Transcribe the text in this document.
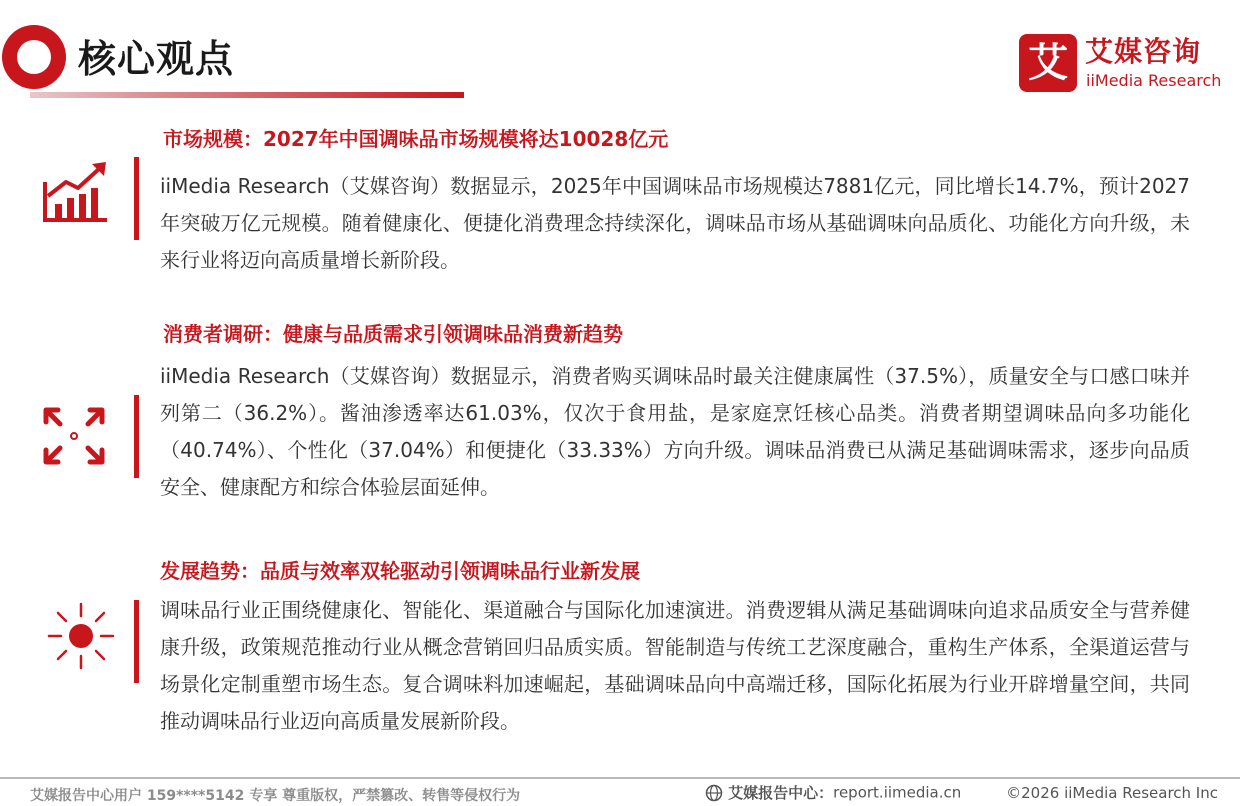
核心观点	艾 艾媒咨询
iiMedia Research
市场规模：2027年中国调味品市场规模将达10028亿元

iiMedia Research（艾媒咨询）数据显示，2025年中国调味品市场规模达7881亿元，同比增长14.7%，预计2027年突破万亿元规模。随着健康化、便捷化消费理念持续深化，调味品市场从基础调味向品质化、功能化方向升级，未来行业将迈向高质量增长新阶段。

消费者调研：健康与品质需求引领调味品消费新趋势

iiMedia Research（艾媒咨询）数据显示，消费者购买调味品时最关注健康属性（37.5%），质量安全与口感口味并列第二（36.2%）。酱油渗透率达61.03%，仅次于食用盐，是家庭烹饪核心品类。消费者期望调味品向多功能化（40.74%）、个性化（37.04%）和便捷化（33.33%）方向升级。调味品消费已从满足基础调味需求，逐步向品质安全、健康配方和综合体验层面延伸。

发展趋势：品质与效率双轮驱动引领调味品行业新发展

调味品行业正围绕健康化、智能化、渠道融合与国际化加速演进。消费逻辑从满足基础调味向追求品质安全与营养健康升级，政策规范推动行业从概念营销回归品质实质。智能制造与传统工艺深度融合，重构生产体系，全渠道运营与场景化定制重塑市场生态。复合调味料加速崛起，基础调味品向中高端迁移，国际化拓展为行业开辟增量空间，共同推动调味品行业迈向高质量发展新阶段。

艾媒报告中心用户 159****5142 专享 尊重版权，严禁篡改、转售等侵权行为	艾媒报告中心：report.iimedia.cn	©2026 iiMedia Research Inc
